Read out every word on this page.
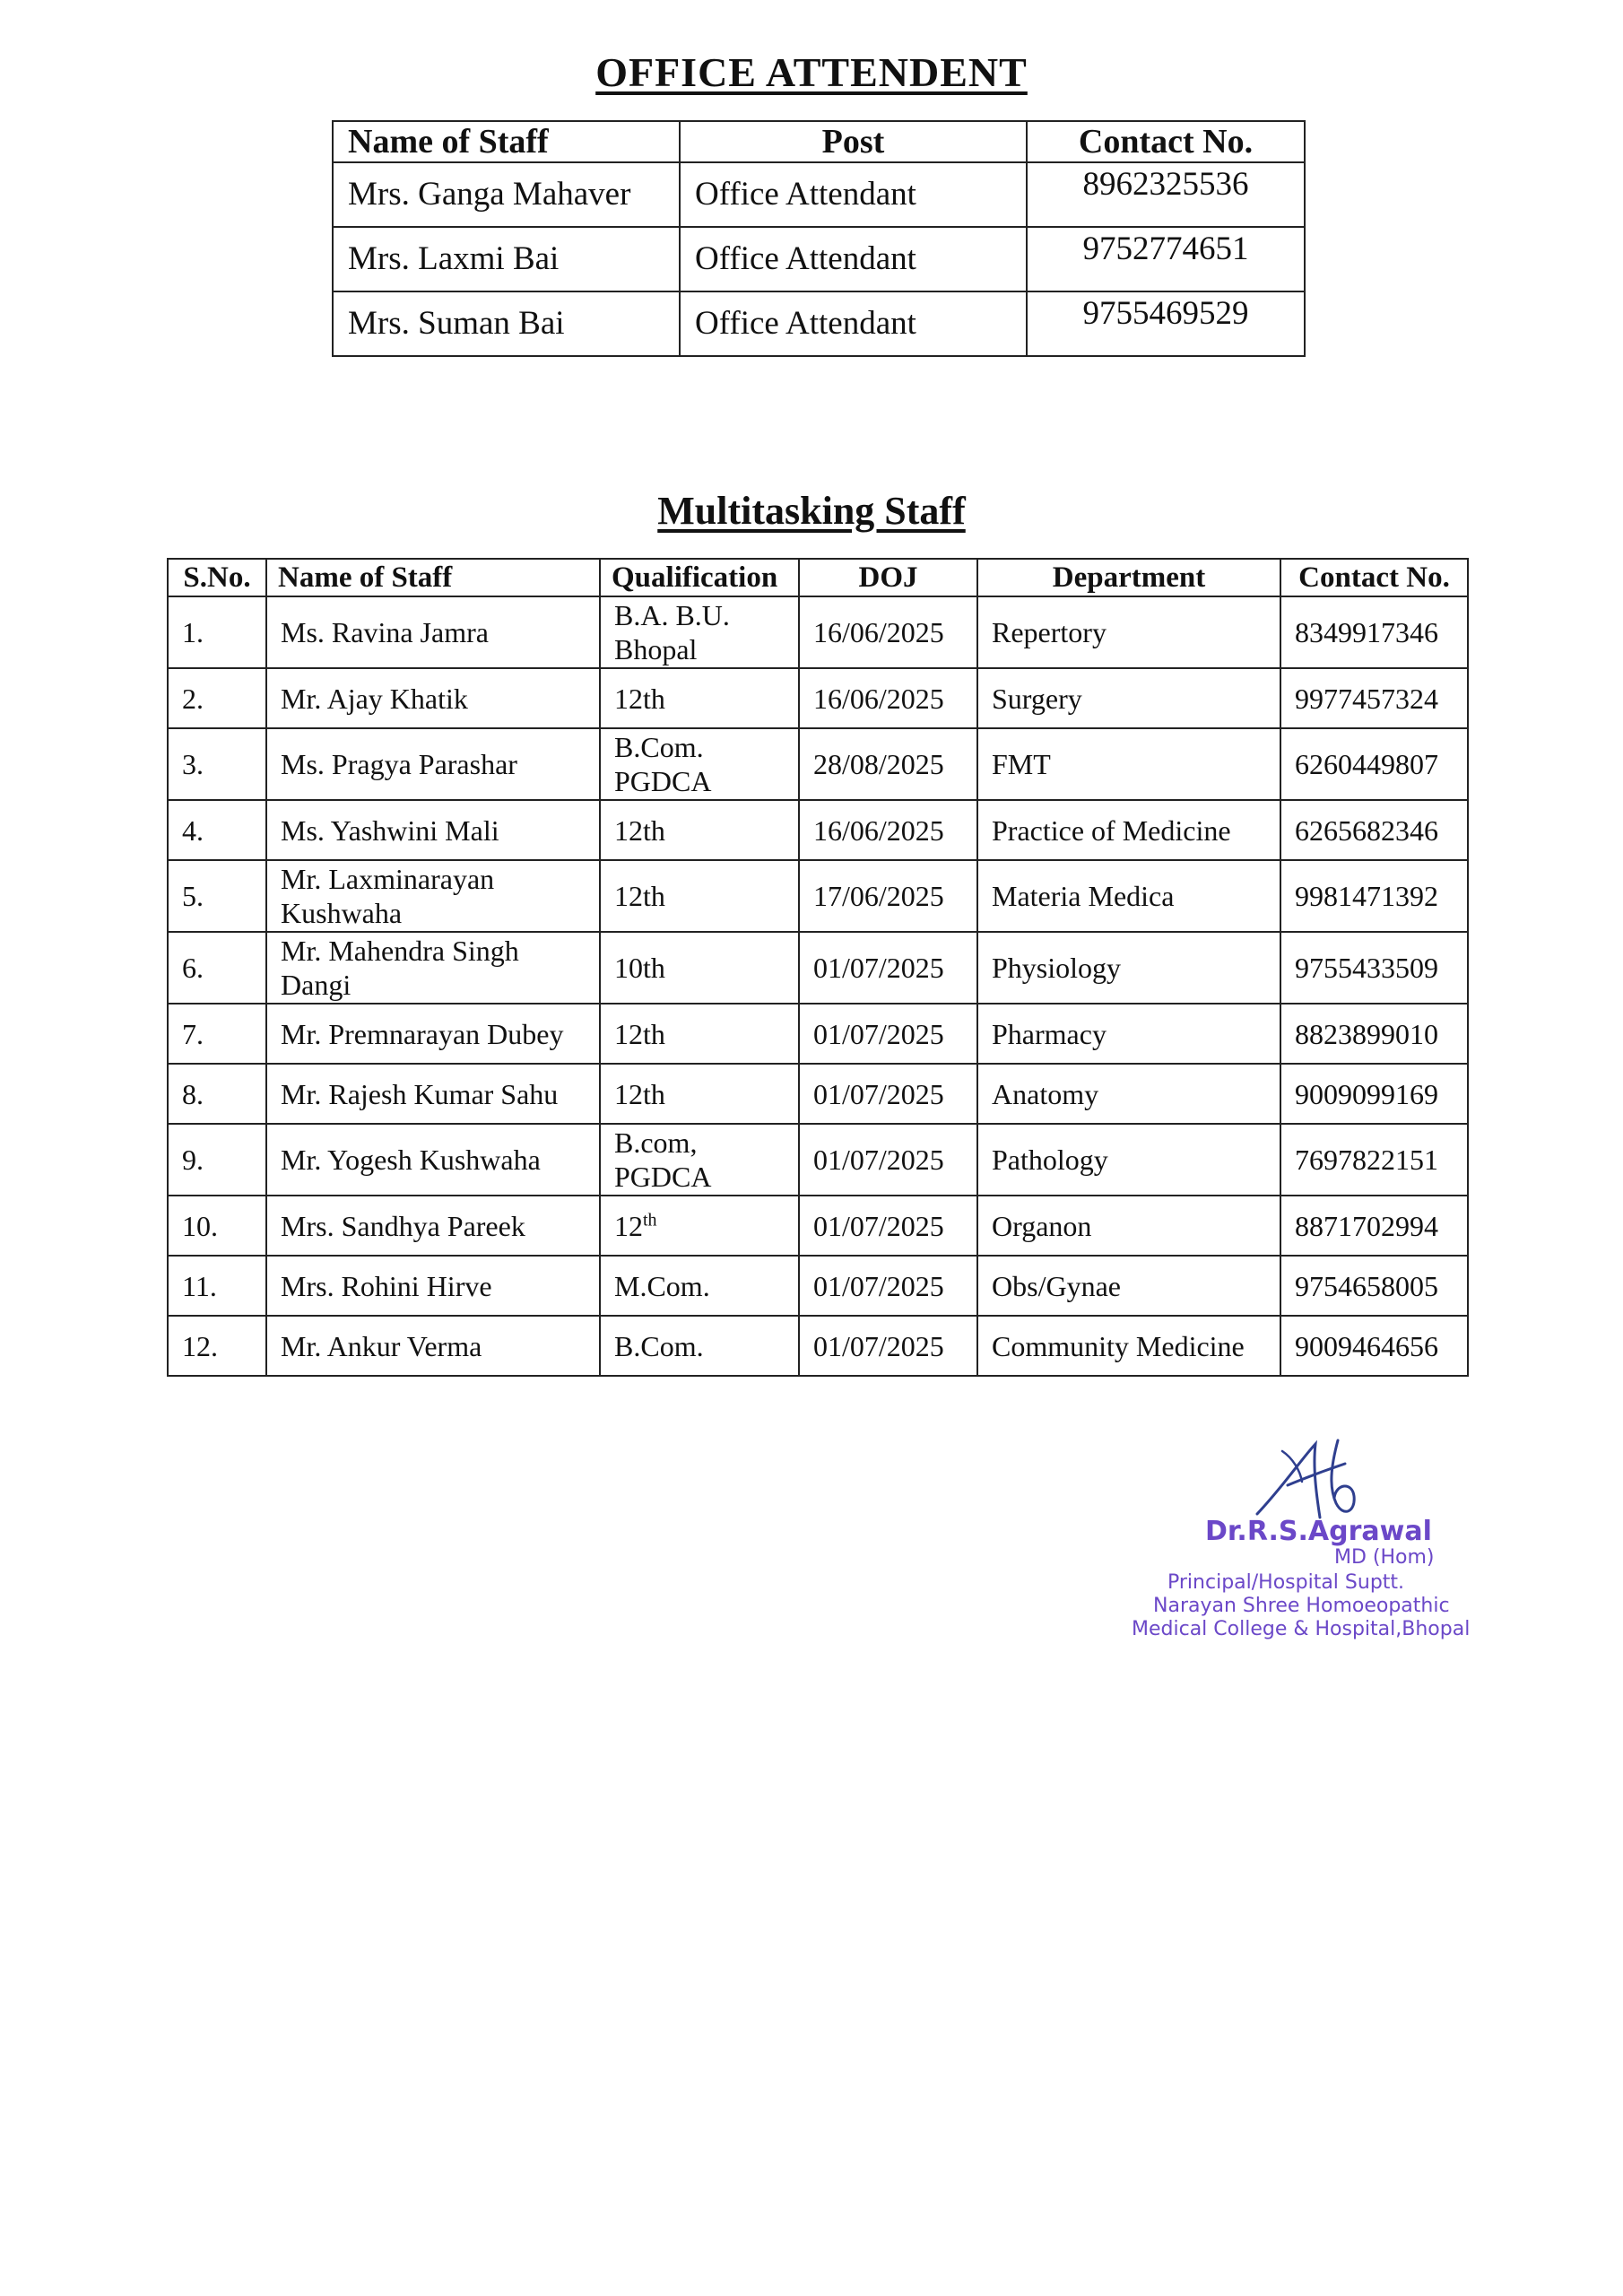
OFFICE ATTENDENT
Name of Staff	Post	Contact No.
Mrs. Ganga Mahaver	Office Attendant	8962325536
Mrs. Laxmi Bai	Office Attendant	9752774651
Mrs. Suman Bai	Office Attendant	9755469529
Multitasking Staff
S.No.	Name of Staff	Qualification	DOJ	Department	Contact No.
1.	Ms. Ravina Jamra	B.A. B.U. Bhopal	16/06/2025	Repertory	8349917346
2.	Mr. Ajay Khatik	12th	16/06/2025	Surgery	9977457324
3.	Ms. Pragya Parashar	B.Com. PGDCA	28/08/2025	FMT	6260449807
4.	Ms. Yashwini Mali	12th	16/06/2025	Practice of Medicine	6265682346
5.	Mr. Laxminarayan Kushwaha	12th	17/06/2025	Materia Medica	9981471392
6.	Mr. Mahendra Singh Dangi	10th	01/07/2025	Physiology	9755433509
7.	Mr. Premnarayan Dubey	12th	01/07/2025	Pharmacy	8823899010
8.	Mr. Rajesh Kumar Sahu	12th	01/07/2025	Anatomy	9009099169
9.	Mr. Yogesh Kushwaha	B.com, PGDCA	01/07/2025	Pathology	7697822151
10.	Mrs. Sandhya Pareek	12th	01/07/2025	Organon	8871702994
11.	Mrs. Rohini Hirve	M.Com.	01/07/2025	Obs/Gynae	9754658005
12.	Mr. Ankur Verma	B.Com.	01/07/2025	Community Medicine	9009464656
Dr.R.S.Agrawal
MD (Hom)
Principal/Hospital Suptt.
Narayan Shree Homoeopathic
Medical College & Hospital,Bhopal
